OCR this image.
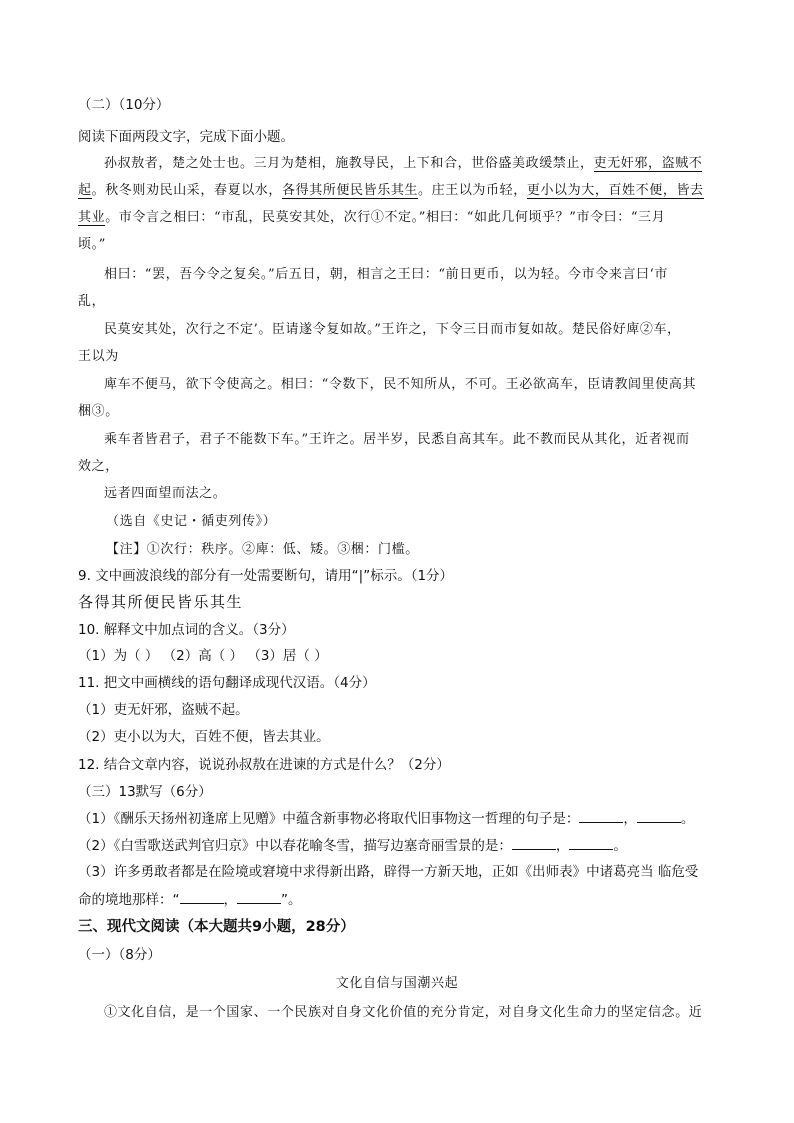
（二）（10分）
阅读下面两段文字，完成下面小题。
孙叔敖者，楚之处士也。三月为楚相，施教导民，上下和合，世俗盛美政缓禁止，吏无奸邪，盗贼不
起。秋冬则劝民山采，春夏以水，各得其所便民皆乐其生。庄王以为币轻，更小以为大，百姓不便，皆去
其业。市令言之相曰：“市乱，民莫安其处，次行①不定。”相曰：“如此几何顷乎？”市令曰：“三月
顷。”
相曰：“罢，吾今令之复矣。”后五日，朝，相言之王曰：“前日更币，以为轻。今市令来言曰‘市
乱，
民莫安其处，次行之不定’。臣请遂令复如故。”王许之，下令三日而市复如故。楚民俗好庳②车，
王以为
庳车不便马，欲下令使高之。相曰：“令数下，民不知所从，不可。王必欲高车，臣请教闾里使高其
梱③。
乘车者皆君子，君子不能数下车。”王许之。居半岁，民悉自高其车。此不教而民从其化，近者视而
效之，
远者四面望而法之。
（选自《史记・循吏列传》）
【注】①次行：秩序。②庳：低、矮。③梱：门槛。
9. 文中画波浪线的部分有一处需要断句，请用“|”标示。（1分）
各得其所便民皆乐其生
10. 解释文中加点词的含义。（3分）
（1）为（ ） （2）高（ ） （3）居（ ）
11. 把文中画横线的语句翻译成现代汉语。（4分）
（1）吏无奸邪，盗贼不起。
（2）吏小以为大，百姓不便，皆去其业。
12. 结合文章内容，说说孙叔敖在进谏的方式是什么？（2分）
（三）13默写（6分）
（1）《酬乐天扬州初逢席上见赠》中蕴含新事物必将取代旧事物这一哲理的句子是：	，	。
（2）《白雪歌送武判官归京》中以春花喻冬雪，描写边塞奇丽雪景的是：	，	。
（3）许多勇敢者都是在险境或窘境中求得新出路，辟得一方新天地，正如《出师表》中诸葛亮当 临危受
命的境地那样：“	，	”。
三、现代文阅读（本大题共9小题，28分）
（一）（8分）
文化自信与国潮兴起
①文化自信，是一个国家、一个民族对自身文化价值的充分肯定，对自身文化生命力的坚定信念。近
